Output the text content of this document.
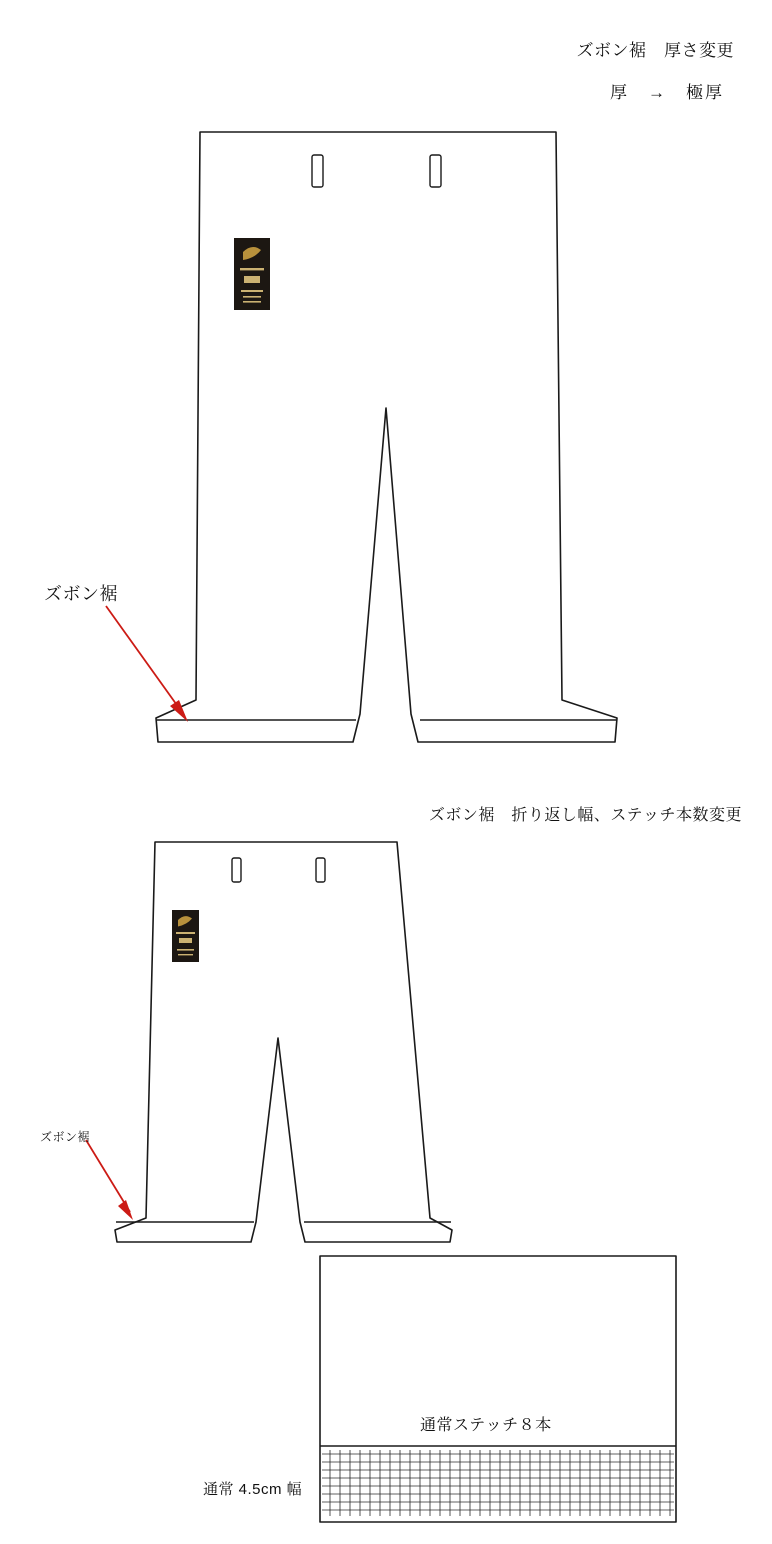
ズボン裾　厚さ変更
厚　→　極厚
ズボン裾
ズボン裾　折り返し幅、ステッチ本数変更
ズボン裾
通常ステッチ８本
通常 4.5cm 幅
